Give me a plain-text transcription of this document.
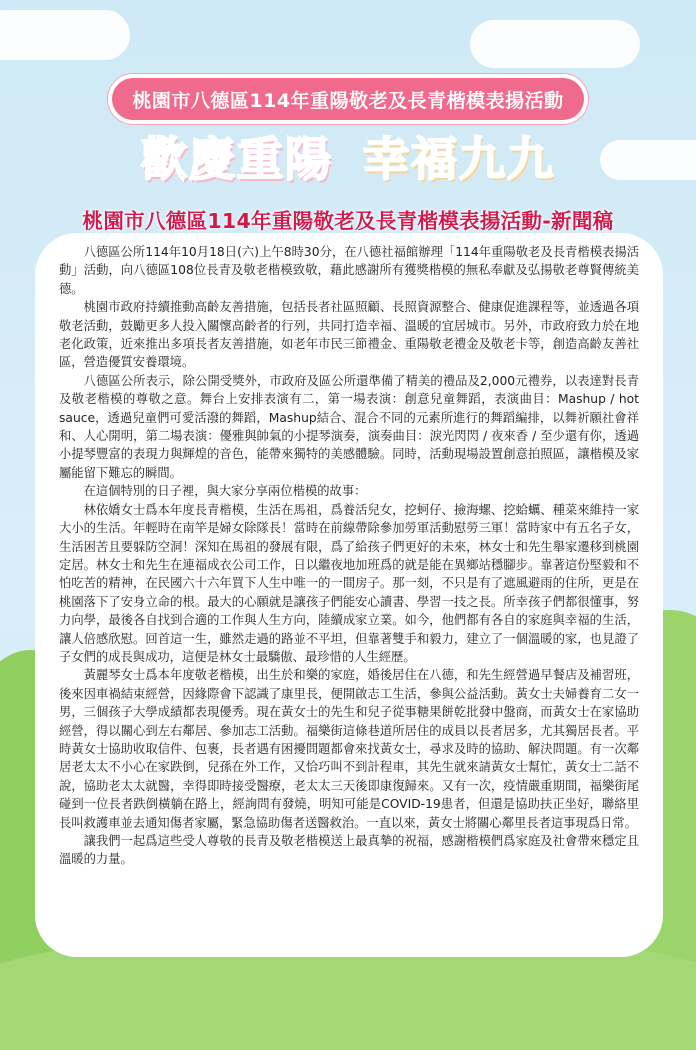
桃園市八德區114年重陽敬老及長青楷模表揚活動
歡慶重陽 幸福九九
桃園市八德區114年重陽敬老及長青楷模表揚活動-新聞稿

八德區公所114年10月18日(六)上午8時30分，在八德社福館辦理「114年重陽敬老及長青楷模表揚活動」活動，向八德區108位長青及敬老楷模致敬，藉此感謝所有獲獎楷模的無私奉獻及弘揚敬老尊賢傳統美德。

桃園市政府持續推動高齡友善措施，包括長者社區照顧、長照資源整合、健康促進課程等，並透過各項敬老活動，鼓勵更多人投入關懷高齡者的行列，共同打造幸福、溫暖的宜居城市。另外，市政府致力於在地老化政策，近來推出多項長者友善措施，如老年市民三節禮金、重陽敬老禮金及敬老卡等，創造高齡友善社區，營造優質安養環境。

八德區公所表示，除公開受獎外，市政府及區公所還準備了精美的禮品及2,000元禮券，以表達對長青及敬老楷模的尊敬之意。舞台上安排表演有二，第一場表演：創意兒童舞蹈，表演曲目：Mashup / hot sauce，透過兒童們可愛活潑的舞蹈，Mashup結合、混合不同的元素所進行的舞蹈編排，以舞祈願社會祥和、人心開明，第二場表演：優雅與帥氣的小提琴演奏，演奏曲目：淚光閃閃 / 夜來香 / 至少還有你，透過小提琴豐富的表現力與輝煌的音色，能帶來獨特的美感體驗。同時，活動現場設置創意拍照區，讓楷模及家屬能留下難忘的瞬間。

在這個特別的日子裡，與大家分享兩位楷模的故事：

林依嬌女士爲本年度長青楷模，生活在馬祖，爲養活兒女，挖蚵仔、撿海螺、挖蛤蠣、種菜來維持一家大小的生活。年輕時在南竿是婦女除隊長！當時在前線帶除參加勞軍活動慰勞三軍！當時家中有五名子女，生活困苦且要躲防空洞！深知在馬祖的發展有限，爲了給孩子們更好的未來，林女士和先生舉家遷移到桃園定居。林女士和先生在連福成衣公司工作，日以繼夜地加班爲的就是能在異鄉站穩腳步。靠著這份堅毅和不怕吃苦的精神，在民國六十六年買下人生中唯一的一間房子。那一刻，不只是有了遮風避雨的住所，更是在桃園落下了安身立命的根。最大的心願就是讓孩子們能安心讀書、學習一技之長。所幸孩子們都很懂事，努力向學，最後各自找到合適的工作與人生方向，陸續成家立業。如今，他們都有各自的家庭與幸福的生活，讓人倍感欣慰。回首這一生，雖然走過的路並不平坦，但靠著雙手和毅力，建立了一個溫暖的家，也見證了子女們的成長與成功，這便是林女士最驕傲、最珍惜的人生經歷。

黃麗琴女士爲本年度敬老楷模，出生於和樂的家庭，婚後居住在八德，和先生經營過早餐店及補習班，後來因車禍結束經營，因緣際會下認識了康里長，便開啟志工生活，參與公益活動。黃女士夫婦養育二女一男，三個孩子大學成績都表現優秀。現在黃女士的先生和兒子從事糖果餅乾批發中盤商，而黃女士在家協助經營，得以關心到左右鄰居、參加志工活動。福樂街這條巷道所居住的成員以長者居多，尤其獨居長者。平時黃女士協助收取信件、包裹，長者遇有困擾問題都會來找黃女士，尋求及時的協助、解決問題。有一次鄰居老太太不小心在家跌倒，兒孫在外工作，又恰巧叫不到計程車，其先生就來請黃女士幫忙，黃女士二話不說，協助老太太就醫，幸得即時接受醫療，老太太三天後即康復歸來。又有一次，疫情嚴重期間，福樂街尾碰到一位長者跌倒橫躺在路上，經詢問有發燒，明知可能是COVID-19患者，但還是協助扶正坐好，聯絡里長叫救護車並去通知傷者家屬，緊急協助傷者送醫救治。一直以來，黃女士將關心鄰里長者這事現爲日常。

讓我們一起爲這些受人尊敬的長青及敬老楷模送上最真摯的祝福，感謝楷模們爲家庭及社會帶來穩定且溫暖的力量。
